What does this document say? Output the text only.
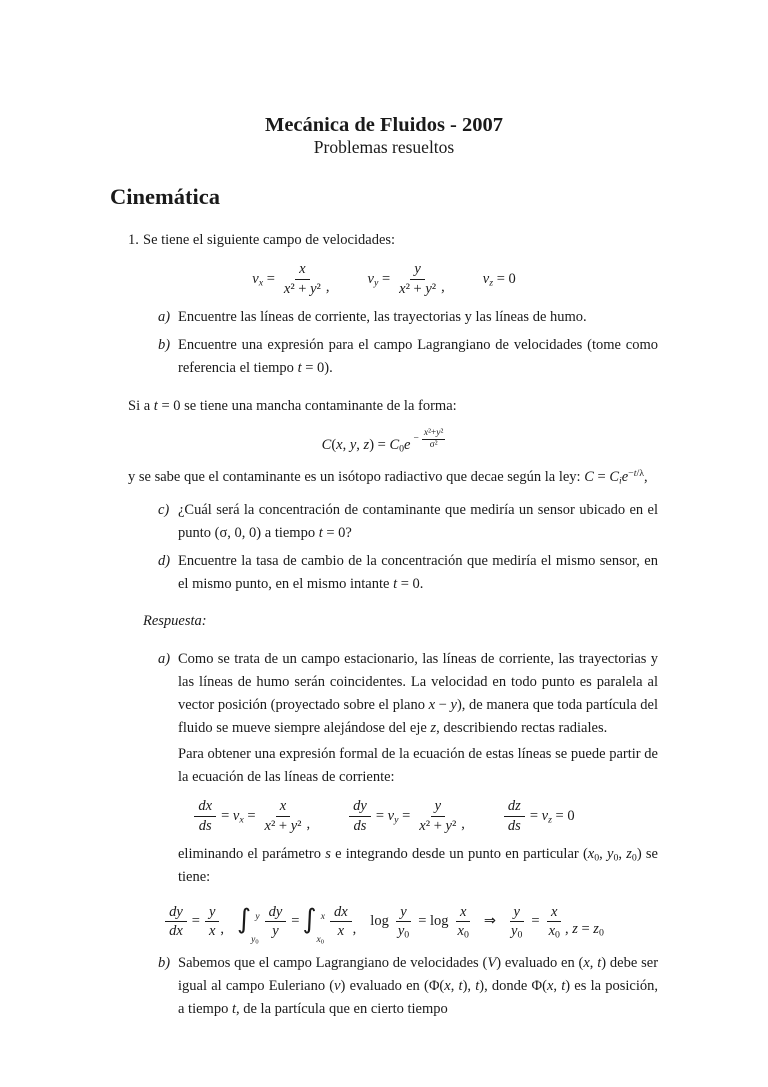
Mecánica de Fluidos - 2007
Problemas resueltos
Cinemática
1. Se tiene el siguiente campo de velocidades:

$v_x = \frac{x}{\text{x² + y²}}$ ,	$v_y = \frac{y}{\text{x² + y²}}$ ,	$v_z = 0$
a) Encuentre las líneas de corriente, las trayectorias y las líneas de humo.

b) Encuentre una expresión para el campo Lagrangiano de velocidades (tome como referencia el tiempo t = 0).

Si a t = 0 se tiene una mancha contaminante de la forma:

C(x, y, $z) = C_0e - \frac{\text{x²+y²}}{\text{σ²}}$

y se sabe que el contaminante es un isótopo radiactivo que decae según la ley: $C = C_ie^{-t/\lambda}$,

c) ¿Cuál será la concentración de contaminante que mediría un sensor ubicado en el punto (σ, 0, 0) a tiempo t = 0?

d) Encuentre la tasa de cambio de la concentración que mediría el mismo sensor, en el mismo punto, en el mismo intante t = 0.

Respuesta:

a) Como se trata de un campo estacionario, las líneas de corriente, las trayectorias y las líneas de humo serán coincidentes. La velocidad en todo punto es paralela al vector posición (proyectado sobre el plano x − y), de manera que toda partícula del fluido se mueve siempre alejándose del eje z, describiendo rectas radiales.

Para obtener una expresión formal de la ecuación de estas líneas se puede partir de la ecuación de las líneas de corriente:

$\frac{dx}{ds} = v_x = \frac{x}{\text{x² + y²}}$ ,	$\frac{dy}{ds} = v_y = \frac{y}{\text{x² + y²}}$ ,	$\frac{dz}{ds} = v_z = 0$

eliminando el parámetro s e integrando desde un punto en particular ($x_0$, $y_0$, $z_0$) se tiene:

$\frac{dy}{dx} = \frac{y}{x}$ , ∫ y
$y_0$
$\frac{dy}{y}$ = ∫ x
$x_0$
$\frac{dx}{x}$ , $\log \frac{y}{y_0} = \log \frac{x}{x_0}$ ⇒ $\frac{y}{y_0} = \frac{x}{x_0}$ , $z = z_0$
b) Sabemos que el campo Lagrangiano de velocidades (V) evaluado en (x, t) debe ser igual al campo Euleriano (v) evaluado en (Φ(x, t), t), donde Φ(x, t) es la posición, a tiempo t, de la partícula que en cierto tiempo
